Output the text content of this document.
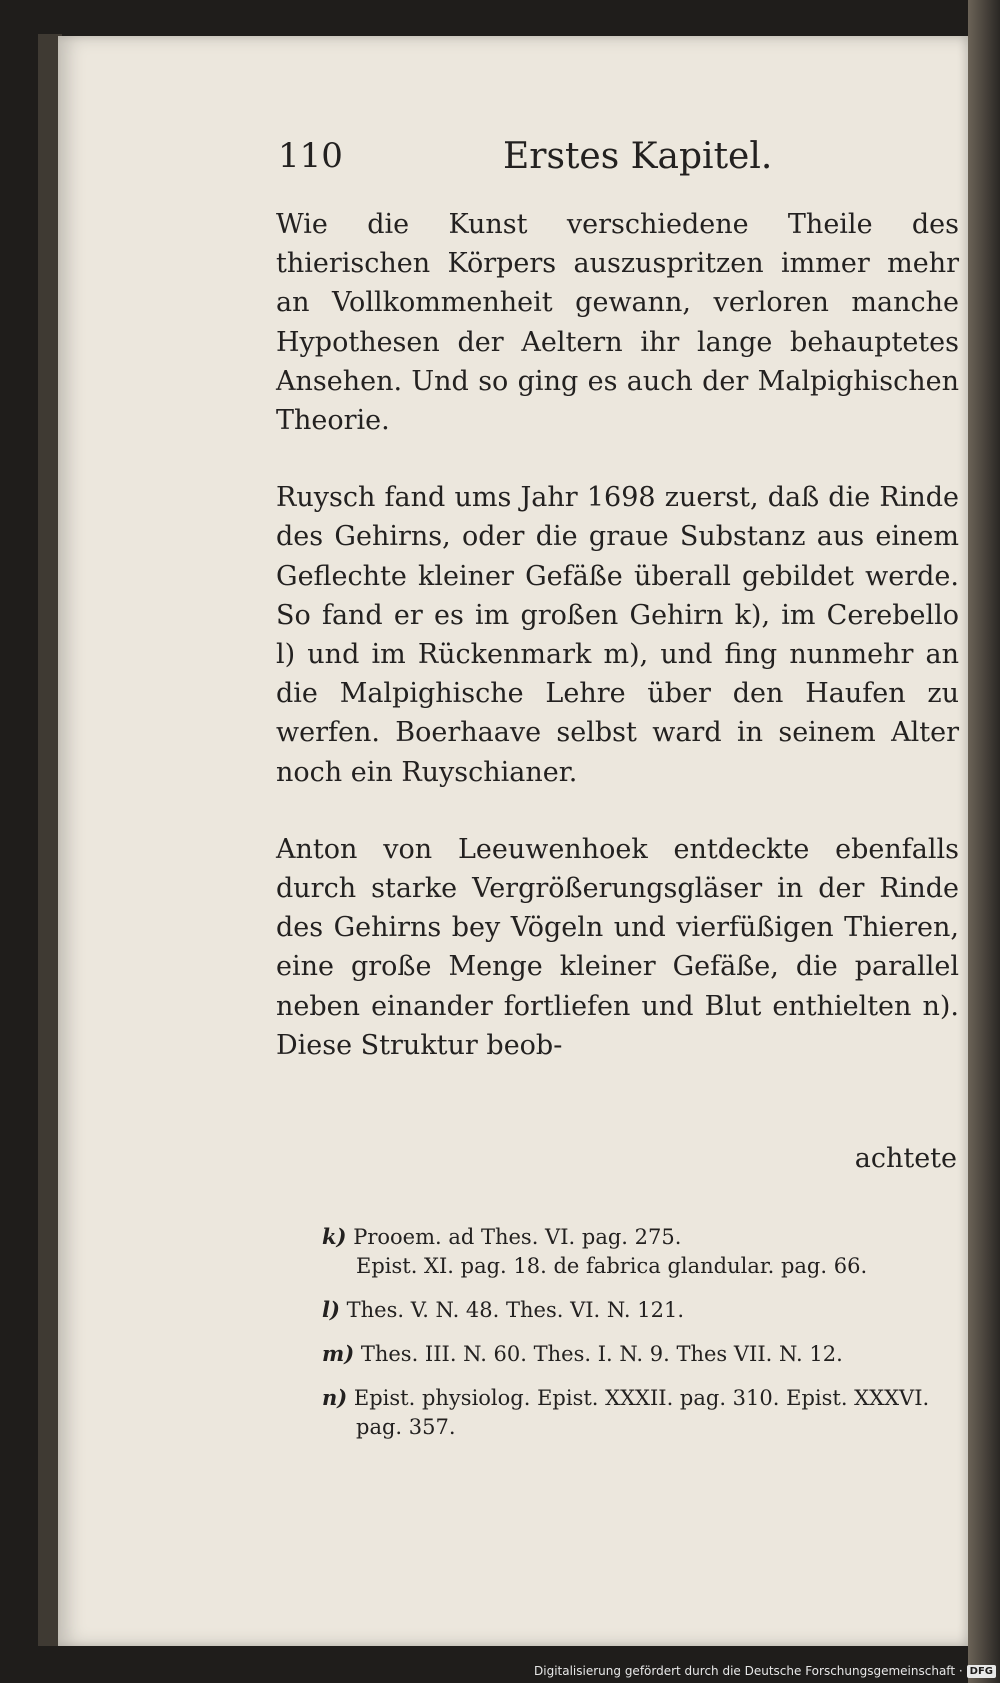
110	Erstes Kapitel.

Wie die Kunst verschiedene Theile des thierischen Körpers auszuspritzen immer mehr an Vollkommenheit gewann, verloren manche Hypothesen der Aeltern ihr lange behauptetes Ansehen. Und so ging es auch der Malpighischen Theorie.

Ruysch fand ums Jahr 1698 zuerst, daß die Rinde des Gehirns, oder die graue Substanz aus einem Geflechte kleiner Gefäße überall gebildet werde. So fand er es im großen Gehirn k), im Cerebello l) und im Rückenmark m), und fing nunmehr an die Malpighische Lehre über den Haufen zu werfen. Boerhaave selbst ward in seinem Alter noch ein Ruyschianer.

Anton von Leeuwenhoek entdeckte ebenfalls durch starke Vergrößerungsgläser in der Rinde des Gehirns bey Vögeln und vierfüßigen Thieren, eine große Menge kleiner Gefäße, die parallel neben einander fortliefen und Blut enthielten n). Diese Struktur beob-

achtete

k) Prooem. ad Thes. VI. pag. 275.
Epist. XI. pag. 18. de fabrica glandular. pag. 66.

l) Thes. V. N. 48. Thes. VI. N. 121.

m) Thes. III. N. 60. Thes. I. N. 9. Thes VII. N. 12.

n) Epist. physiolog. Epist. XXXII. pag. 310. Epist. XXXVI. pag. 357.

Digitalisierung gefördert durch die Deutsche Forschungsgemeinschaft · DFG
